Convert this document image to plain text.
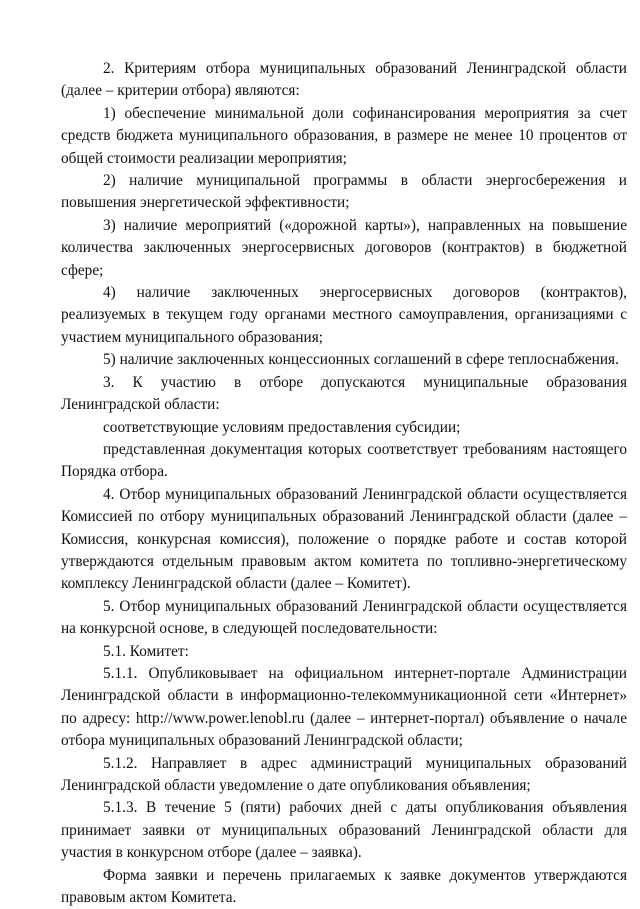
2. Критериям отбора муниципальных образований Ленинградской области (далее – критерии отбора) являются:

1) обеспечение минимальной доли софинансирования мероприятия за счет средств бюджета муниципального образования, в размере не менее 10 процентов от общей стоимости реализации мероприятия;

2) наличие муниципальной программы в области энергосбережения и повышения энергетической эффективности;

3) наличие мероприятий («дорожной карты»), направленных на повышение количества заключенных энергосервисных договоров (контрактов) в бюджетной сфере;

4) наличие заключенных энергосервисных договоров (контрактов), реализуемых в текущем году органами местного самоуправления, организациями с участием муниципального образования;

5) наличие заключенных концессионных соглашений в сфере теплоснабжения.

3. К участию в отборе допускаются муниципальные образования Ленинградской области:

соответствующие условиям предоставления субсидии;

представленная документация которых соответствует требованиям настоящего Порядка отбора.

4. Отбор муниципальных образований Ленинградской области осуществляется Комиссией по отбору муниципальных образований Ленинградской области (далее – Комиссия, конкурсная комиссия), положение о порядке работе и состав которой утверждаются отдельным правовым актом комитета по топливно-энергетическому комплексу Ленинградской области (далее – Комитет).

5. Отбор муниципальных образований Ленинградской области осуществляется на конкурсной основе, в следующей последовательности:

5.1. Комитет:

5.1.1. Опубликовывает на официальном интернет-портале Администрации Ленинградской области в информационно-телекоммуникационной сети «Интернет» по адресу: http://www.power.lenobl.ru (далее – интернет-портал) объявление о начале отбора муниципальных образований Ленинградской области;

5.1.2. Направляет в адрес администраций муниципальных образований Ленинградской области уведомление о дате опубликования объявления;

5.1.3. В течение 5 (пяти) рабочих дней с даты опубликования объявления принимает заявки от муниципальных образований Ленинградской области для участия в конкурсном отборе (далее – заявка).

Форма заявки и перечень прилагаемых к заявке документов утверждаются правовым актом Комитета.
